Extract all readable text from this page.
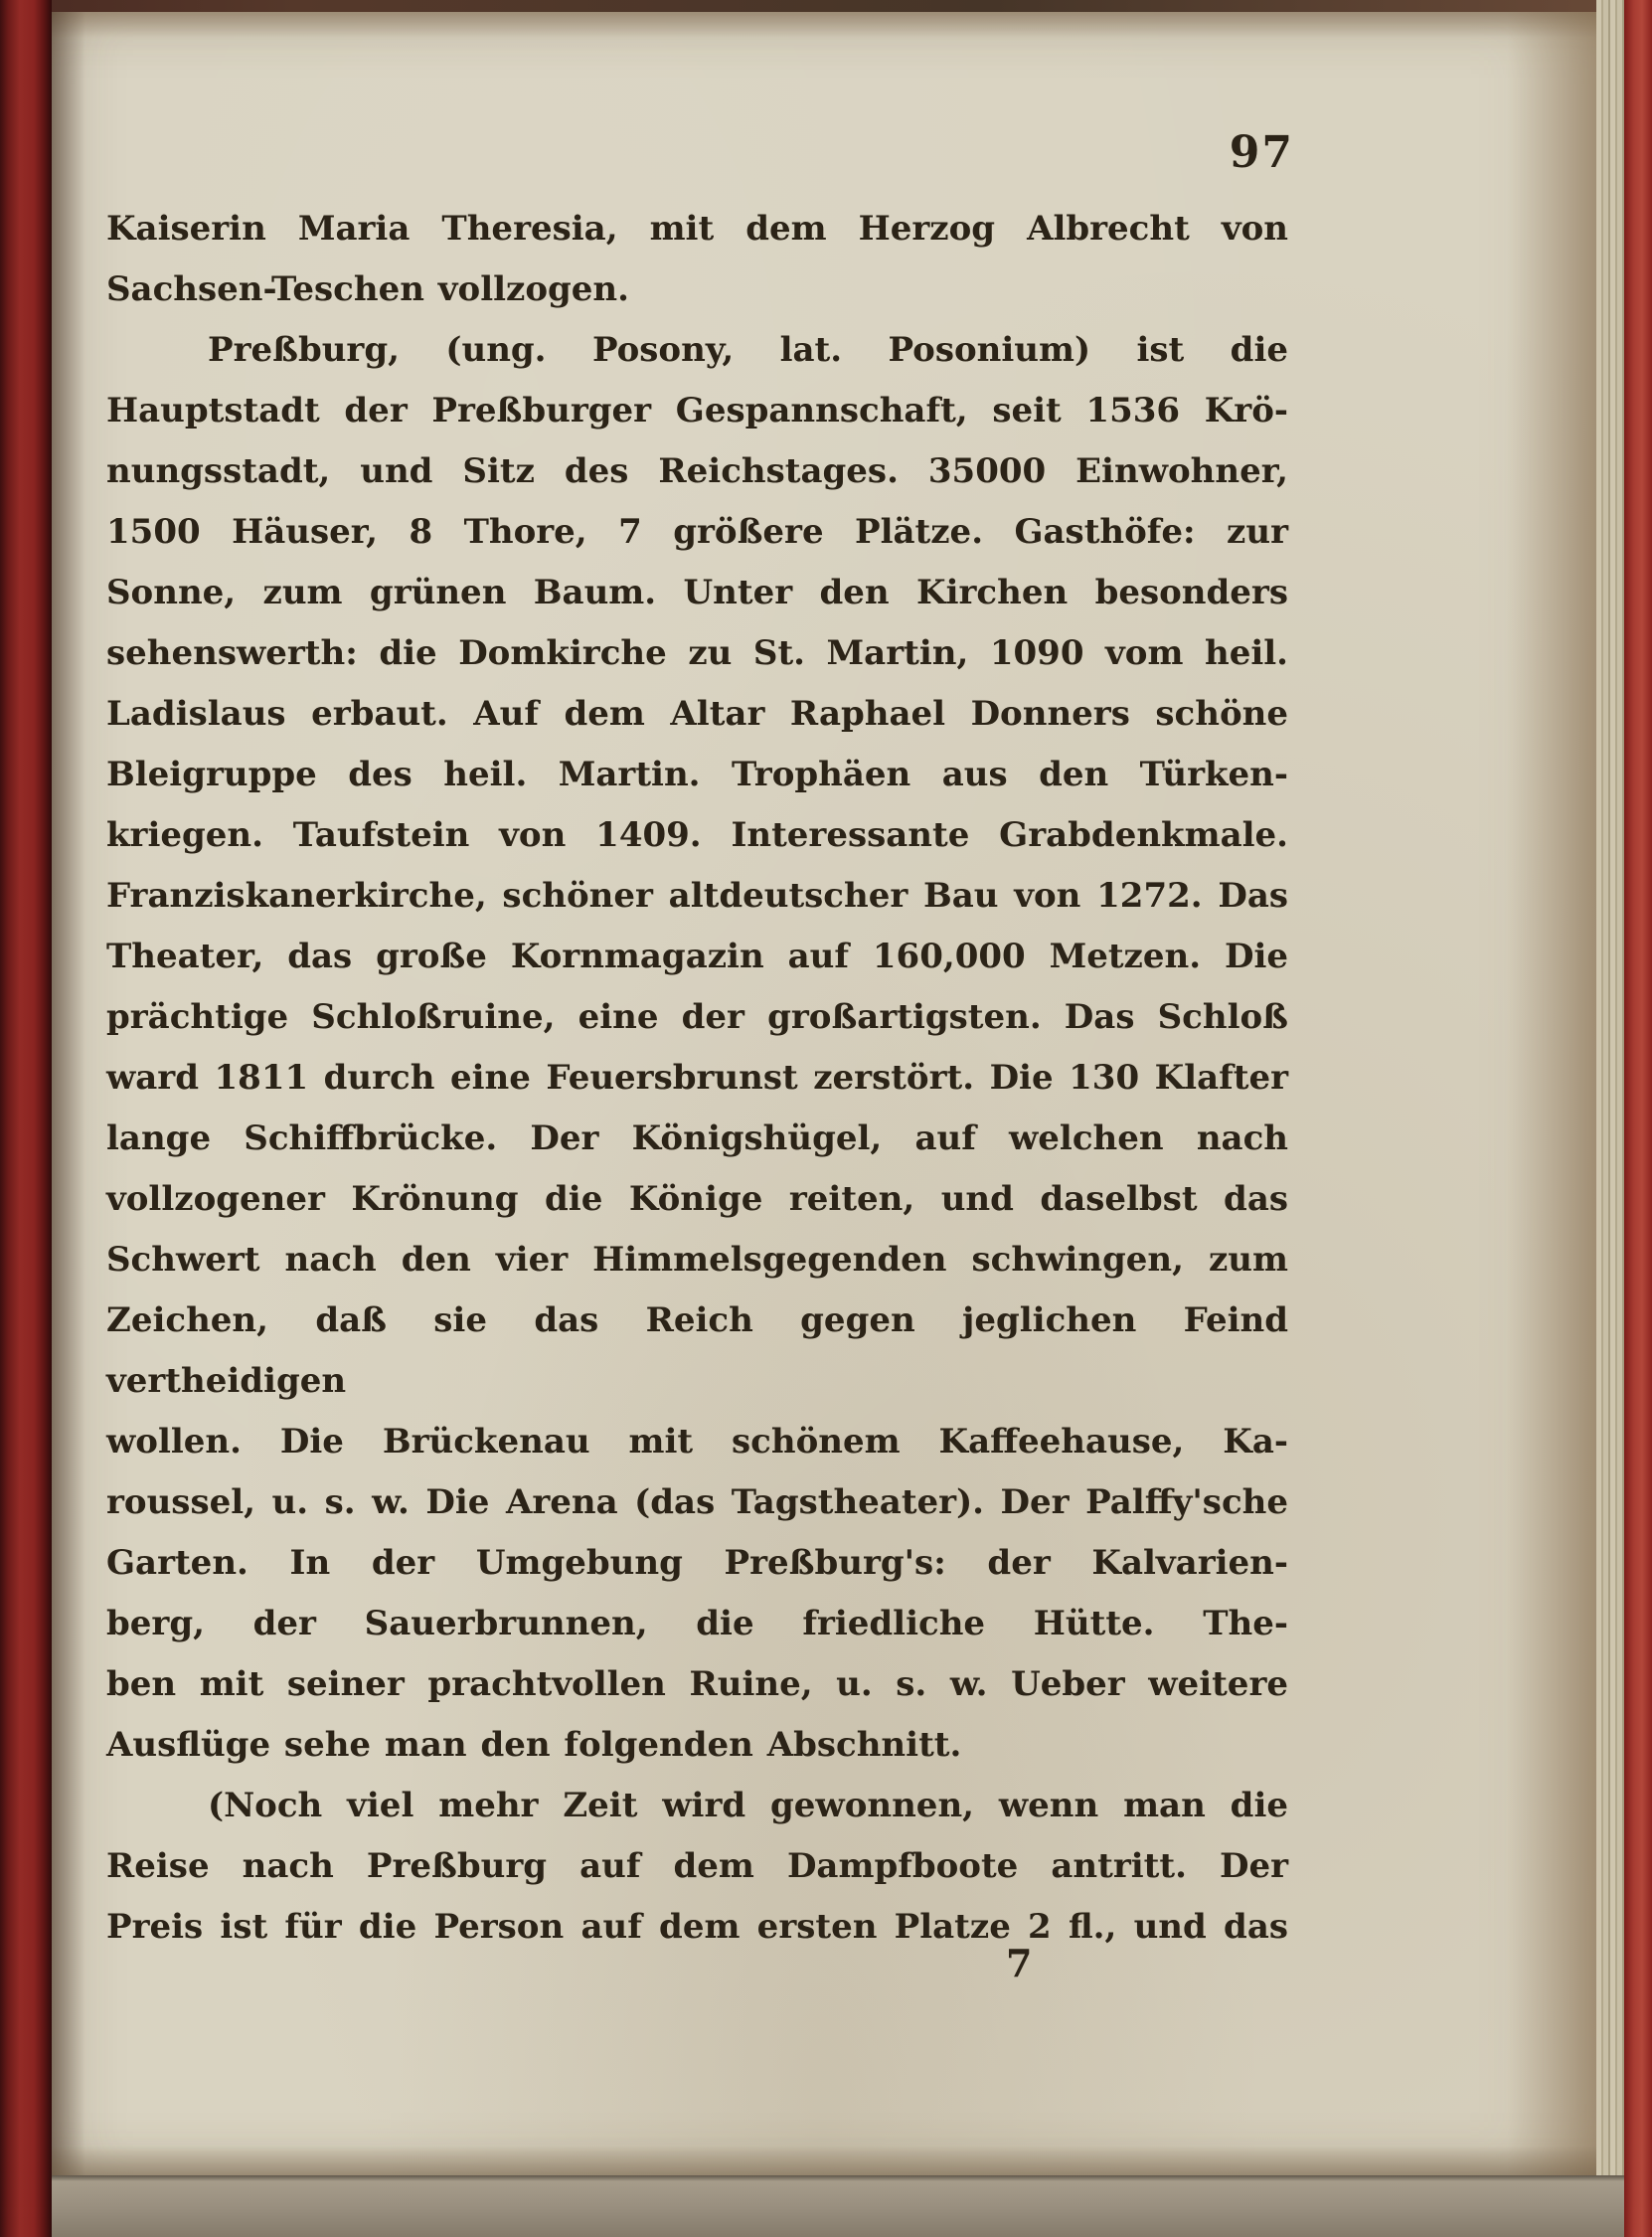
97
Kaiserin Maria Theresia, mit dem Herzog Albrecht von
Sachsen-Teschen vollzogen.
Preßburg, (ung. Posony, lat. Posonium) ist die
Hauptstadt der Preßburger Gespannschaft, seit 1536 Krö-
nungsstadt, und Sitz des Reichstages. 35000 Einwohner,
1500 Häuser, 8 Thore, 7 größere Plätze. Gasthöfe: zur
Sonne, zum grünen Baum. Unter den Kirchen besonders
sehenswerth: die Domkirche zu St. Martin, 1090 vom heil.
Ladislaus erbaut. Auf dem Altar Raphael Donners schöne
Bleigruppe des heil. Martin. Trophäen aus den Türken-
kriegen. Taufstein von 1409. Interessante Grabdenkmale.
Franziskanerkirche, schöner altdeutscher Bau von 1272. Das
Theater, das große Kornmagazin auf 160,000 Metzen. Die
prächtige Schloßruine, eine der großartigsten. Das Schloß
ward 1811 durch eine Feuersbrunst zerstört. Die 130 Klafter
lange Schiffbrücke. Der Königshügel, auf welchen nach
vollzogener Krönung die Könige reiten, und daselbst das
Schwert nach den vier Himmelsgegenden schwingen, zum
Zeichen, daß sie das Reich gegen jeglichen Feind vertheidigen
wollen. Die Brückenau mit schönem Kaffeehause, Ka-
roussel, u. s. w. Die Arena (das Tagstheater). Der Palffy'sche
Garten. In der Umgebung Preßburg's: der Kalvarien-
berg, der Sauerbrunnen, die friedliche Hütte. The-
ben mit seiner prachtvollen Ruine, u. s. w. Ueber weitere
Ausflüge sehe man den folgenden Abschnitt.
(Noch viel mehr Zeit wird gewonnen, wenn man die
Reise nach Preßburg auf dem Dampfboote antritt. Der
Preis ist für die Person auf dem ersten Platze 2 fl., und das
7
